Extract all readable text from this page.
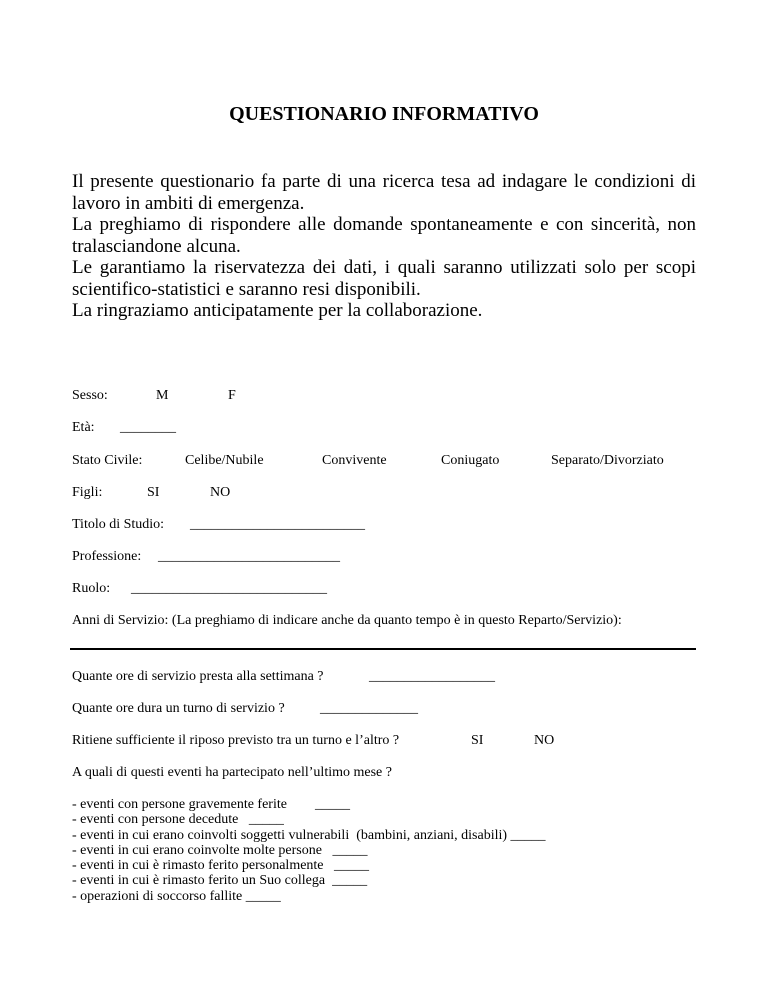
QUESTIONARIO INFORMATIVO

Il presente questionario fa parte di una ricerca tesa ad indagare le condizioni di lavoro in ambiti di emergenza.

La preghiamo di rispondere alle domande spontaneamente e con sincerità, non tralasciandone alcuna.

Le garantiamo la riservatezza dei dati, i quali saranno utilizzati solo per scopi scientifico-statistici e saranno resi disponibili.

La ringraziamo anticipatamente per la collaborazione.

Sesso:	M	F
Età: ________
Stato Civile:	Celibe/Nubile	Convivente	Coniugato	Separato/Divorziato
Figli:	SI	NO
Titolo di Studio: _________________________
Professione: __________________________
Ruolo: ____________________________
Anni di Servizio: (La preghiamo di indicare anche da quanto tempo è in questo Reparto/Servizio):
Quante ore di servizio presta alla settimana ?	__________________
Quante ore dura un turno di servizio ?	______________
Ritiene sufficiente il riposo previsto tra un turno e l’altro ?	SI	NO
A quali di questi eventi ha partecipato nell’ultimo mese ?
- eventi con persone gravemente ferite        _____
- eventi con persone decedute   _____
- eventi in cui erano coinvolti soggetti vulnerabili  (bambini, anziani, disabili) _____
- eventi in cui erano coinvolte molte persone   _____
- eventi in cui è rimasto ferito personalmente   _____
- eventi in cui è rimasto ferito un Suo collega  _____
- operazioni di soccorso fallite _____
